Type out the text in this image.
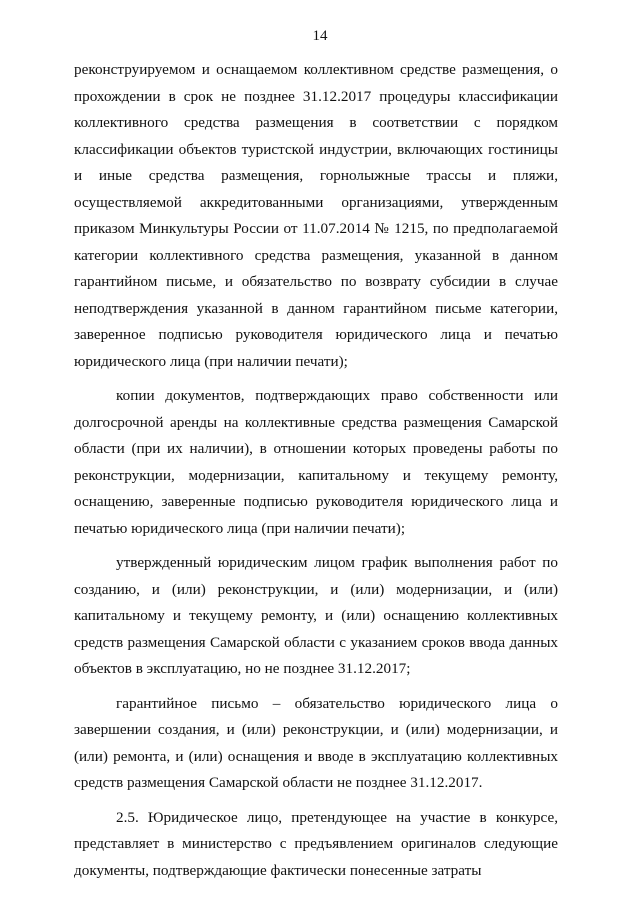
14

реконструируемом и оснащаемом коллективном средстве размещения, о прохождении в срок не позднее 31.12.2017 процедуры классификации коллективного средства размещения в соответствии с порядком классификации объектов туристской индустрии, включающих гостиницы и иные средства размещения, горнолыжные трассы и пляжи, осуществляемой аккредитованными организациями, утвержденным приказом Минкультуры России от 11.07.2014 № 1215, по предполагаемой категории коллективного средства размещения, указанной в данном гарантийном письме, и обязательство по возврату субсидии в случае неподтверждения указанной в данном гарантийном письме категории, заверенное подписью руководителя юридического лица и печатью юридического лица (при наличии печати);

копии документов, подтверждающих право собственности или долгосрочной аренды на коллективные средства размещения Самарской области (при их наличии), в отношении которых проведены работы по реконструкции, модернизации, капитальному и текущему ремонту, оснащению, заверенные подписью руководителя юридического лица и печатью юридического лица (при наличии печати);

утвержденный юридическим лицом график выполнения работ по созданию, и (или) реконструкции, и (или) модернизации, и (или) капитальному и текущему ремонту, и (или) оснащению коллективных средств размещения Самарской области с указанием сроков ввода данных объектов в эксплуатацию, но не позднее 31.12.2017;

гарантийное письмо – обязательство юридического лица о завершении создания, и (или) реконструкции, и (или) модернизации, и (или) ремонта, и (или) оснащения и вводе в эксплуатацию коллективных средств размещения Самарской области не позднее 31.12.2017.

2.5. Юридическое лицо, претендующее на участие в конкурсе, представляет в министерство с предъявлением оригиналов следующие документы, подтверждающие фактически понесенные затраты
